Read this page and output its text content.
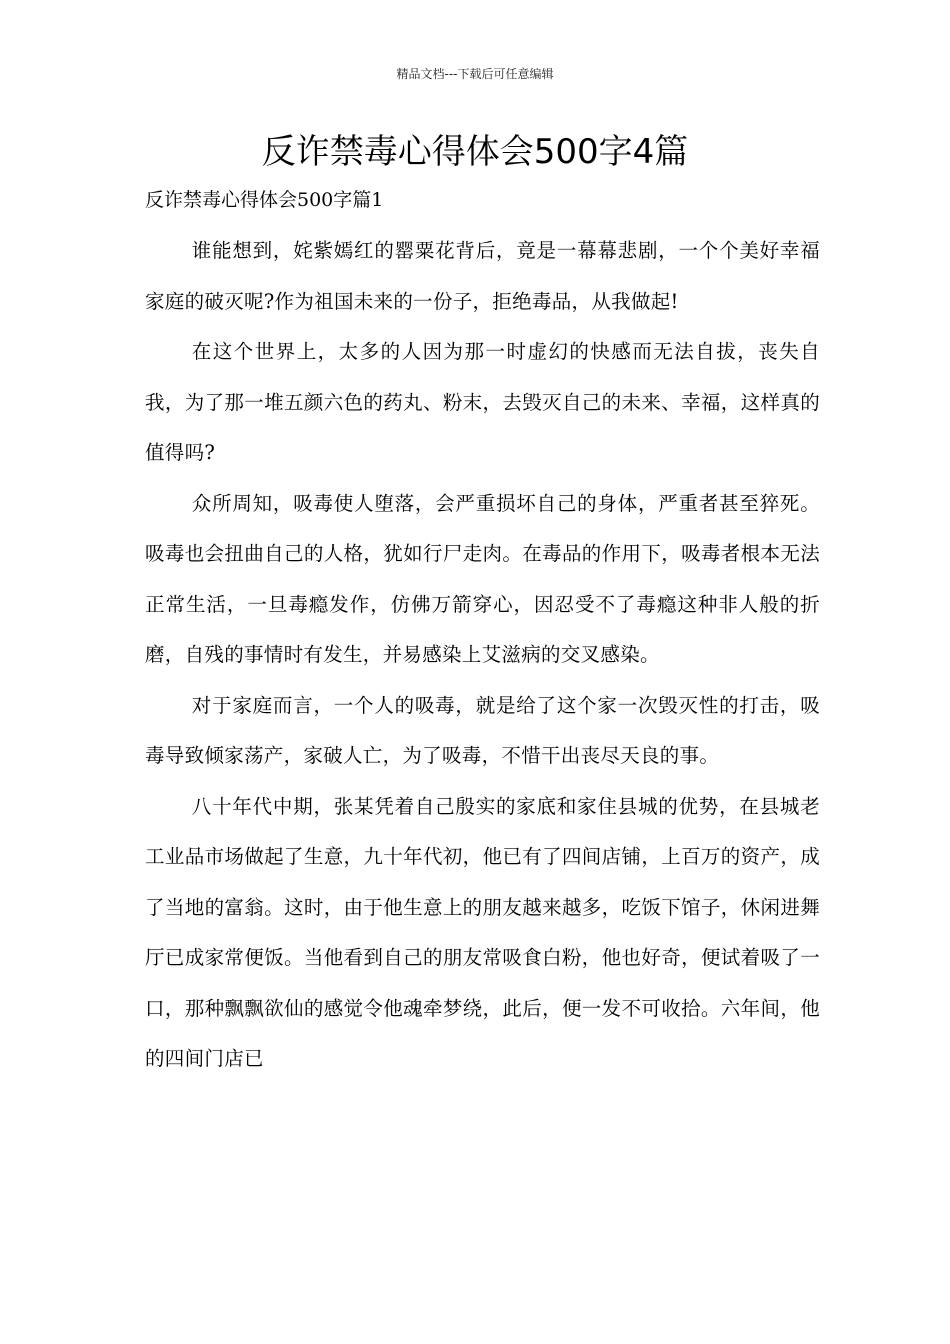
精品文档---下载后可任意编辑
反诈禁毒心得体会500字4篇
反诈禁毒心得体会500字篇1

谁能想到，姹紫嫣红的罂粟花背后，竟是一幕幕悲剧，一个个美好幸福家庭的破灭呢?作为祖国未来的一份子，拒绝毒品，从我做起!

在这个世界上，太多的人因为那一时虚幻的快感而无法自拔，丧失自我，为了那一堆五颜六色的药丸、粉末，去毁灭自己的未来、幸福，这样真的值得吗?

众所周知，吸毒使人堕落，会严重损坏自己的身体，严重者甚至猝死。吸毒也会扭曲自己的人格，犹如行尸走肉。在毒品的作用下，吸毒者根本无法正常生活，一旦毒瘾发作，仿佛万箭穿心，因忍受不了毒瘾这种非人般的折磨，自残的事情时有发生，并易感染上艾滋病的交叉感染。

对于家庭而言，一个人的吸毒，就是给了这个家一次毁灭性的打击，吸毒导致倾家荡产，家破人亡，为了吸毒，不惜干出丧尽天良的事。

八十年代中期，张某凭着自己殷实的家底和家住县城的优势，在县城老工业品市场做起了生意，九十年代初，他已有了四间店铺，上百万的资产，成了当地的富翁。这时，由于他生意上的朋友越来越多，吃饭下馆子，休闲进舞厅已成家常便饭。当他看到自己的朋友常吸食白粉，他也好奇，便试着吸了一口，那种飘飘欲仙的感觉令他魂牵梦绕，此后，便一发不可收拾。六年间，他的四间门店已
